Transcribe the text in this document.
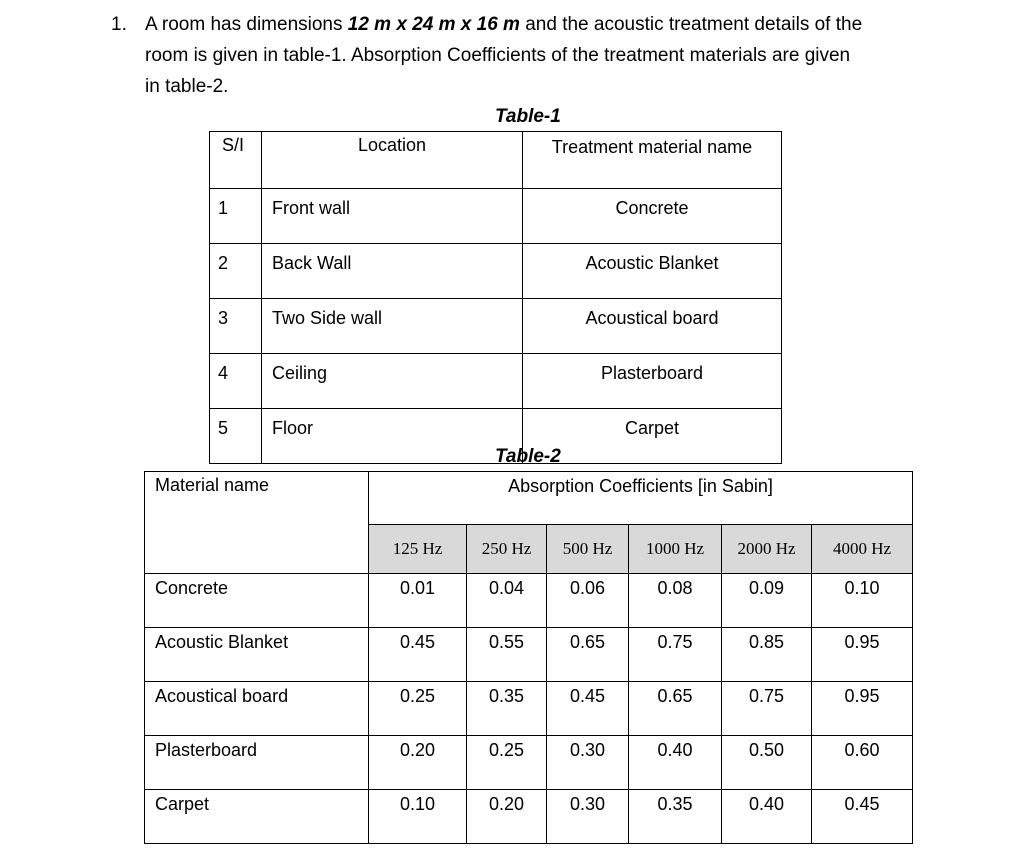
1. A room has dimensions 12 m x 24 m x 16 m and the acoustic treatment details of the
room is given in table-1. Absorption Coefficients of the treatment materials are given
in table-2.
Table-1
S/I	Location	Treatment material name
1	Front wall	Concrete
2	Back Wall	Acoustic Blanket
3	Two Side wall	Acoustical board
4	Ceiling	Plasterboard
5	Floor	Carpet
Table-2
Material name	Absorption Coefficients [in Sabin]					
	125 Hz	250 Hz	500 Hz	1000 Hz	2000 Hz	4000 Hz
Concrete	0.01	0.04	0.06	0.08	0.09	0.10
Acoustic Blanket	0.45	0.55	0.65	0.75	0.85	0.95
Acoustical board	0.25	0.35	0.45	0.65	0.75	0.95
Plasterboard	0.20	0.25	0.30	0.40	0.50	0.60
Carpet	0.10	0.20	0.30	0.35	0.40	0.45
